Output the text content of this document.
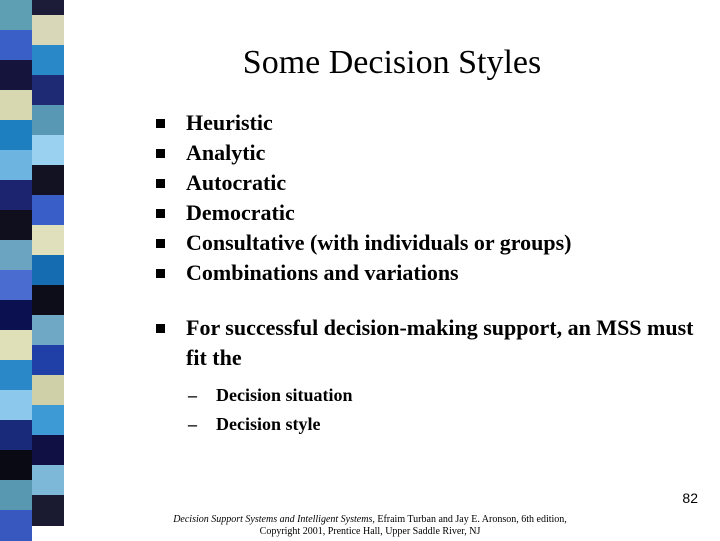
Some Decision Styles
Heuristic
Analytic
Autocratic
Democratic
Consultative (with individuals or groups)
Combinations and variations
For successful decision-making support, an MSS must fit the
– Decision situation
– Decision style
82
Decision Support Systems and Intelligent Systems, Efraim Turban and Jay E. Aronson, 6th edition,
Copyright 2001, Prentice Hall, Upper Saddle River, NJ
